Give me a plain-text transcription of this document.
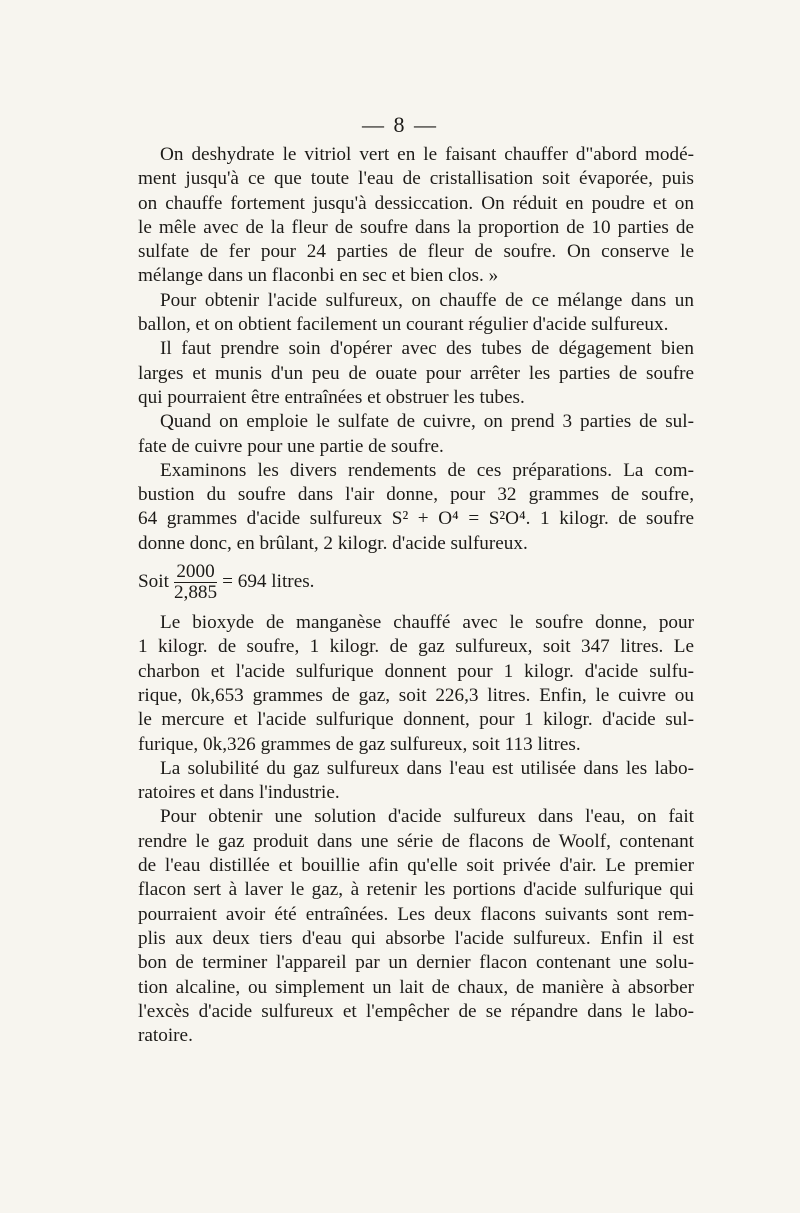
— 8 —
On deshydrate le vitriol vert en le faisant chauffer d"abord modé-
ment jusqu'à ce que toute l'eau de cristallisation soit évaporée, puis
on chauffe fortement jusqu'à dessiccation. On réduit en poudre et on
le mêle avec de la fleur de soufre dans la proportion de 10 parties de
sulfate de fer pour 24 parties de fleur de soufre. On conserve le
mélange dans un flaconbi en sec et bien clos. »
Pour obtenir l'acide sulfureux, on chauffe de ce mélange dans un
ballon, et on obtient facilement un courant régulier d'acide sulfureux.
Il faut prendre soin d'opérer avec des tubes de dégagement bien
larges et munis d'un peu de ouate pour arrêter les parties de soufre
qui pourraient être entraînées et obstruer les tubes.
Quand on emploie le sulfate de cuivre, on prend 3 parties de sul-
fate de cuivre pour une partie de soufre.
Examinons les divers rendements de ces préparations. La com-
bustion du soufre dans l'air donne, pour 32 grammes de soufre,
64 grammes d'acide sulfureux S² + O⁴ = S²O⁴. 1 kilogr. de soufre
donne donc, en brûlant, 2 kilogr. d'acide sulfureux.
Soit $\frac{2000}{2,885} = 694$ litres.
Le bioxyde de manganèse chauffé avec le soufre donne, pour
1 kilogr. de soufre, 1 kilogr. de gaz sulfureux, soit 347 litres. Le
charbon et l'acide sulfurique donnent pour 1 kilogr. d'acide sulfu-
rique, 0k,653 grammes de gaz, soit 226,3 litres. Enfin, le cuivre ou
le mercure et l'acide sulfurique donnent, pour 1 kilogr. d'acide sul-
furique, 0k,326 grammes de gaz sulfureux, soit 113 litres.
La solubilité du gaz sulfureux dans l'eau est utilisée dans les labo-
ratoires et dans l'industrie.
Pour obtenir une solution d'acide sulfureux dans l'eau, on fait
rendre le gaz produit dans une série de flacons de Woolf, contenant
de l'eau distillée et bouillie afin qu'elle soit privée d'air. Le premier
flacon sert à laver le gaz, à retenir les portions d'acide sulfurique qui
pourraient avoir été entraînées. Les deux flacons suivants sont rem-
plis aux deux tiers d'eau qui absorbe l'acide sulfureux. Enfin il est
bon de terminer l'appareil par un dernier flacon contenant une solu-
tion alcaline, ou simplement un lait de chaux, de manière à absorber
l'excès d'acide sulfureux et l'empêcher de se répandre dans le labo-
ratoire.
